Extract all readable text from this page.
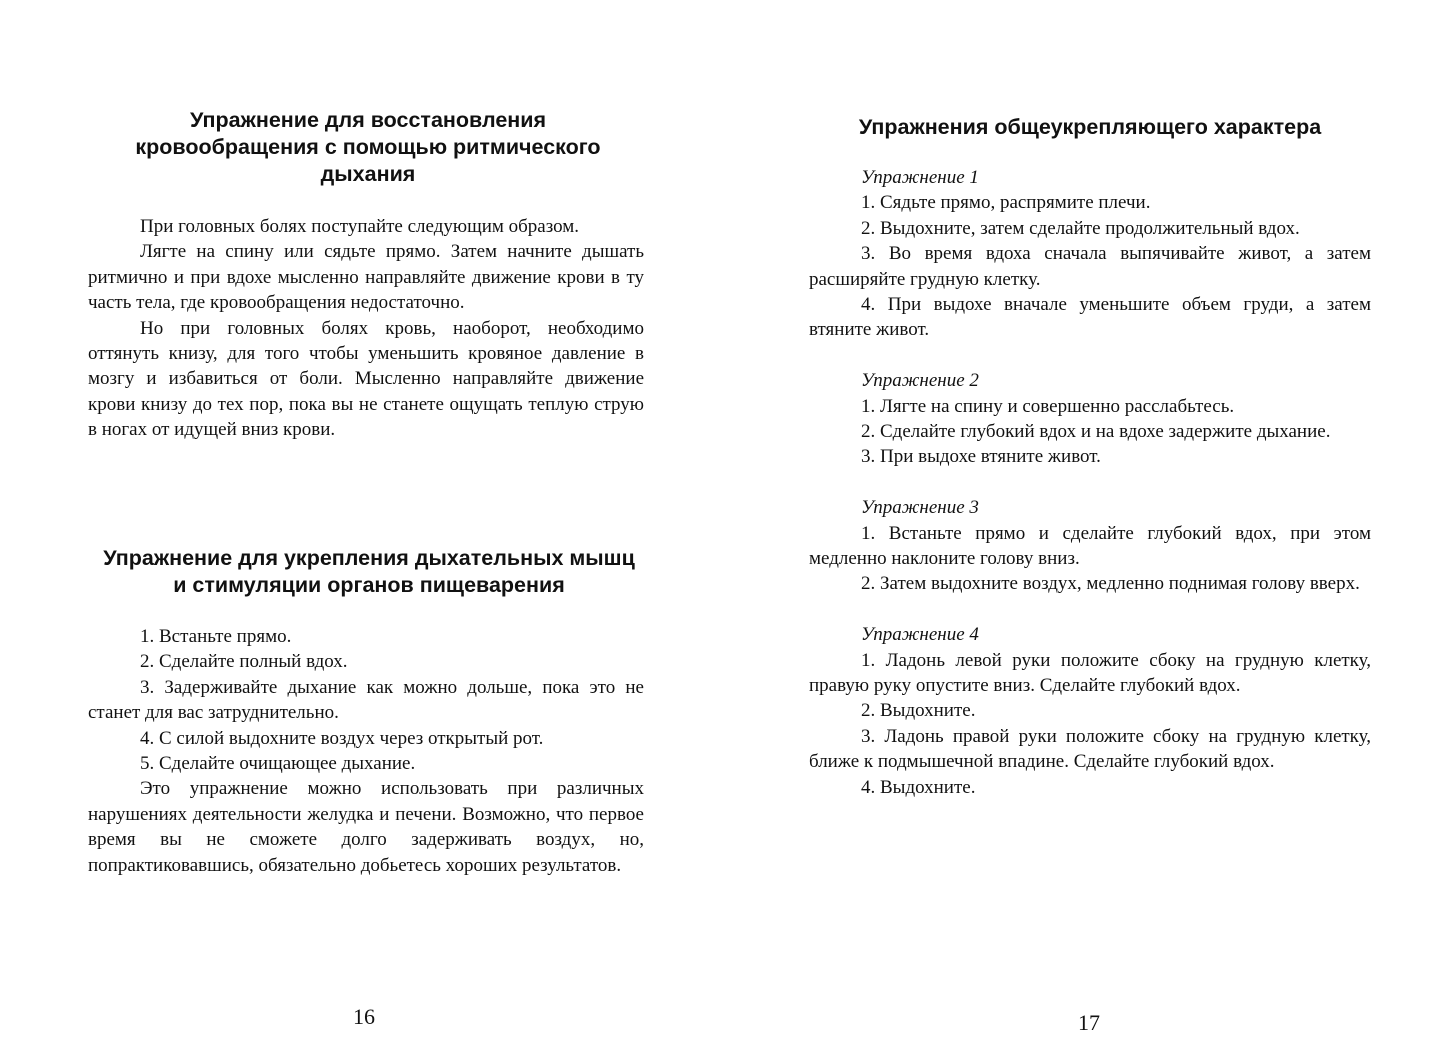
Упражнение для восстановления кровообращения с помощью ритмического дыхания

При головных болях поступайте следующим образом.

Лягте на спину или сядьте прямо. Затем начните дышать ритмично и при вдохе мысленно направляйте движение крови в ту часть тела, где кровообращения недостаточно.

Но при головных болях кровь, наоборот, необходимо оттянуть книзу, для того чтобы уменьшить кровяное давление в мозгу и избавиться от боли. Мысленно направляйте движение крови книзу до тех пор, пока вы не станете ощущать теплую струю в ногах от идущей вниз крови.

Упражнение для укрепления дыхательных мышц и стимуляции органов пищеварения

1. Встаньте прямо.

2. Сделайте полный вдох.

3. Задерживайте дыхание как можно дольше, пока это не станет для вас затруднительно.

4. С силой выдохните воздух через открытый рот.

5. Сделайте очищающее дыхание.

Это упражнение можно использовать при различных нарушениях деятельности желудка и печени. Возможно, что первое время вы не сможете долго задерживать воздух, но, попрактиковавшись, обязательно добьетесь хороших результатов.

16
Упражнения общеукрепляющего характера

Упражнение 1

1. Сядьте прямо, распрямите плечи.

2. Выдохните, затем сделайте продолжительный вдох.

3. Во время вдоха сначала выпячивайте живот, а затем расширяйте грудную клетку.

4. При выдохе вначале уменьшите объем груди, а затем втяните живот.

Упражнение 2

1. Лягте на спину и совершенно расслабьтесь.

2. Сделайте глубокий вдох и на вдохе задержите дыхание.

3. При выдохе втяните живот.

Упражнение 3

1. Встаньте прямо и сделайте глубокий вдох, при этом медленно наклоните голову вниз.

2. Затем выдохните воздух, медленно поднимая голову вверх.

Упражнение 4

1. Ладонь левой руки положите сбоку на грудную клетку, правую руку опустите вниз. Сделайте глубокий вдох.

2. Выдохните.

3. Ладонь правой руки положите сбоку на грудную клетку, ближе к подмышечной впадине. Сделайте глубокий вдох.

4. Выдохните.

17
